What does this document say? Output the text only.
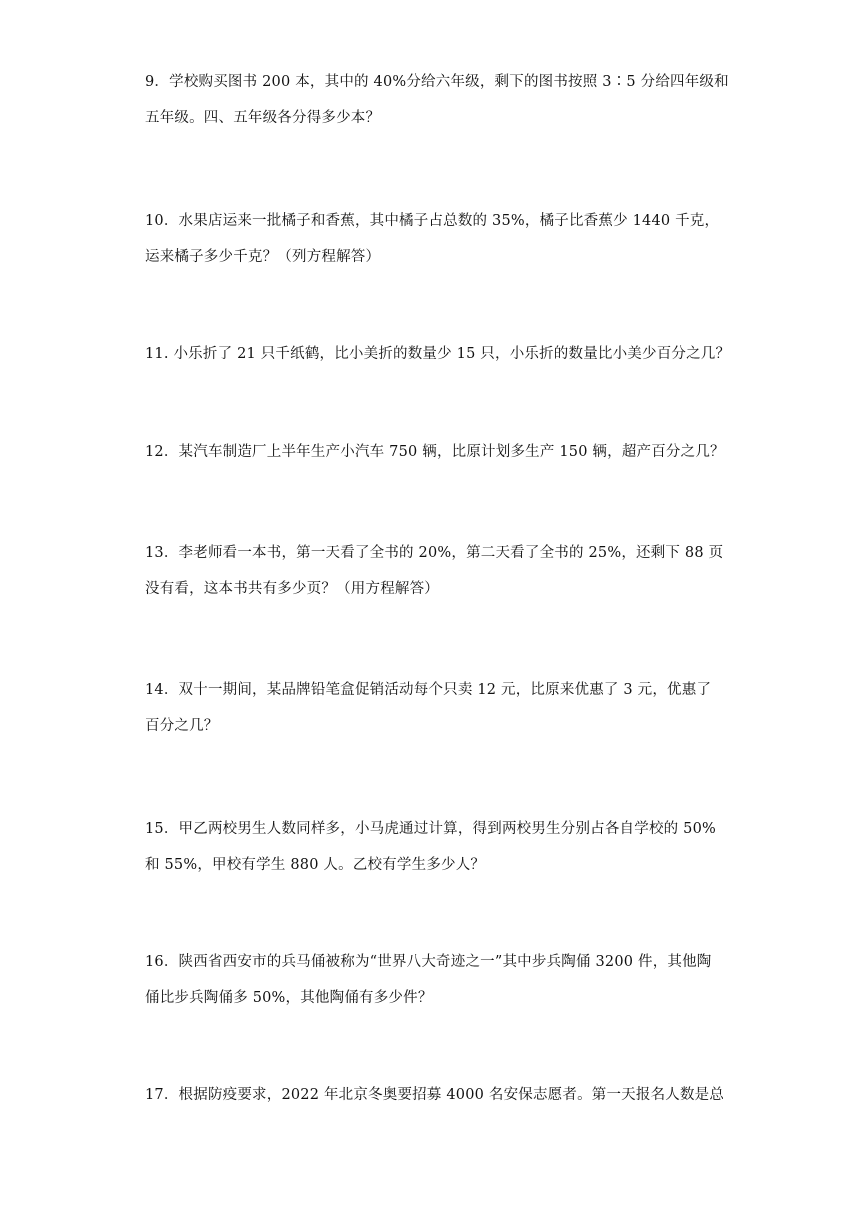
9．学校购买图书 200 本，其中的 40%分给六年级，剩下的图书按照 3∶5 分给四年级和
五年级。四、五年级各分得多少本？
10．水果店运来一批橘子和香蕉，其中橘子占总数的 35%，橘子比香蕉少 1440 千克，
运来橘子多少千克？（列方程解答）
11. 小乐折了 21 只千纸鹤，比小美折的数量少 15 只，小乐折的数量比小美少百分之几？
12．某汽车制造厂上半年生产小汽车 750 辆，比原计划多生产 150 辆，超产百分之几？
13．李老师看一本书，第一天看了全书的 20%，第二天看了全书的 25%，还剩下 88 页
没有看，这本书共有多少页？（用方程解答）
14．双十一期间，某品牌铅笔盒促销活动每个只卖 12 元，比原来优惠了 3 元，优惠了
百分之几？
15．甲乙两校男生人数同样多，小马虎通过计算，得到两校男生分别占各自学校的 50%
和 55%，甲校有学生 880 人。乙校有学生多少人？
16．陕西省西安市的兵马俑被称为“世界八大奇迹之一”其中步兵陶俑 3200 件，其他陶
俑比步兵陶俑多 50%，其他陶俑有多少件？
17．根据防疫要求，2022 年北京冬奥要招募 4000 名安保志愿者。第一天报名人数是总
